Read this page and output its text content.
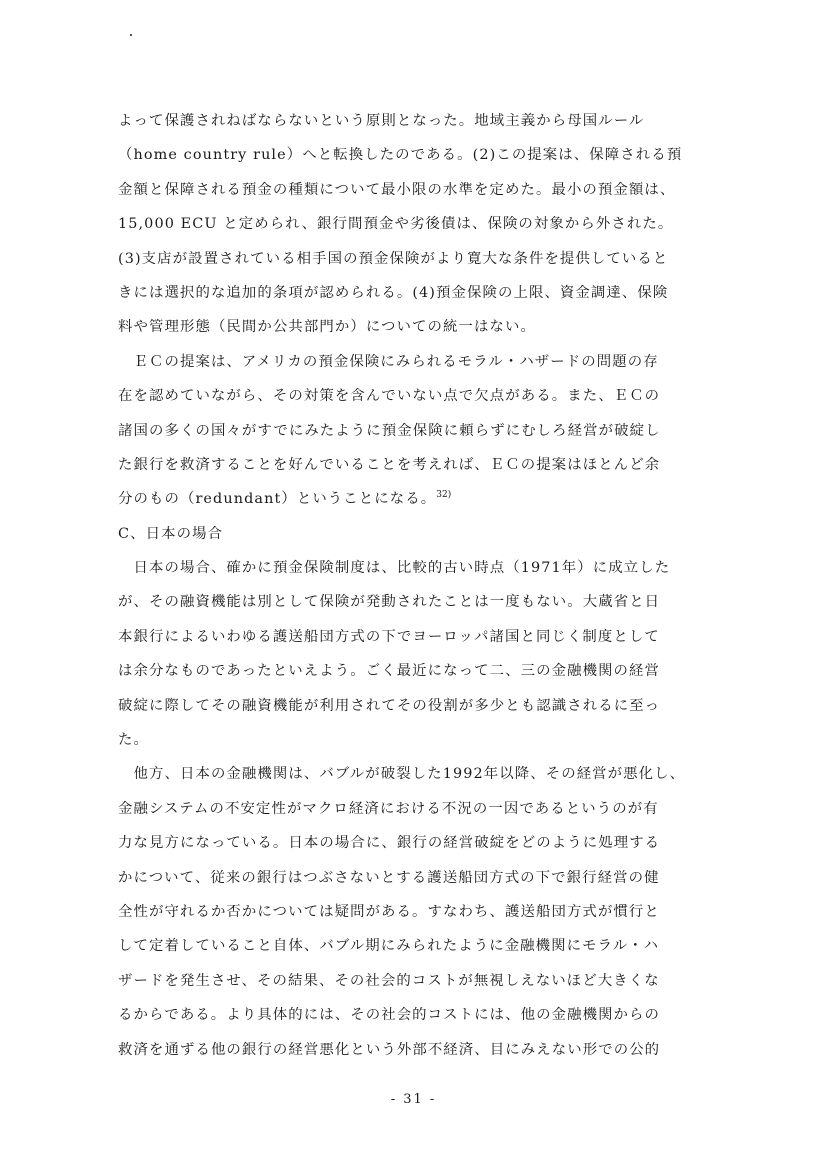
よって保護されねばならないという原則となった。地域主義から母国ルール
（home country rule）へと転換したのである。(2)この提案は、保障される預
金額と保障される預金の種類について最小限の水準を定めた。最小の預金額は、
15,000 ECU と定められ、銀行間預金や劣後債は、保険の対象から外された。
(3)支店が設置されている相手国の預金保険がより寛大な条件を提供していると
きには選択的な追加的条項が認められる。(4)預金保険の上限、資金調達、保険
料や管理形態（民間か公共部門か）についての統一はない。
　ＥＣの提案は、アメリカの預金保険にみられるモラル・ハザードの問題の存
在を認めていながら、その対策を含んでいない点で欠点がある。また、ＥＣの
諸国の多くの国々がすでにみたように預金保険に頼らずにむしろ経営が破綻し
た銀行を救済することを好んでいることを考えれば、ＥＣの提案はほとんど余
分のもの（redundant）ということになる。$^{32)}$
C、日本の場合
　日本の場合、確かに預金保険制度は、比較的古い時点（1971年）に成立した
が、その融資機能は別として保険が発動されたことは一度もない。大蔵省と日
本銀行によるいわゆる護送船団方式の下でヨーロッパ諸国と同じく制度として
は余分なものであったといえよう。ごく最近になって二、三の金融機関の経営
破綻に際してその融資機能が利用されてその役割が多少とも認識されるに至っ
た。
　他方、日本の金融機関は、バブルが破裂した1992年以降、その経営が悪化し、
金融システムの不安定性がマクロ経済における不況の一因であるというのが有
力な見方になっている。日本の場合に、銀行の経営破綻をどのように処理する
かについて、従来の銀行はつぶさないとする護送船団方式の下で銀行経営の健
全性が守れるか否かについては疑問がある。すなわち、護送船団方式が慣行と
して定着していること自体、バブル期にみられたように金融機関にモラル・ハ
ザードを発生させ、その結果、その社会的コストが無視しえないほど大きくな
るからである。より具体的には、その社会的コストには、他の金融機関からの
救済を通ずる他の銀行の経営悪化という外部不経済、目にみえない形での公的
- 31 -
